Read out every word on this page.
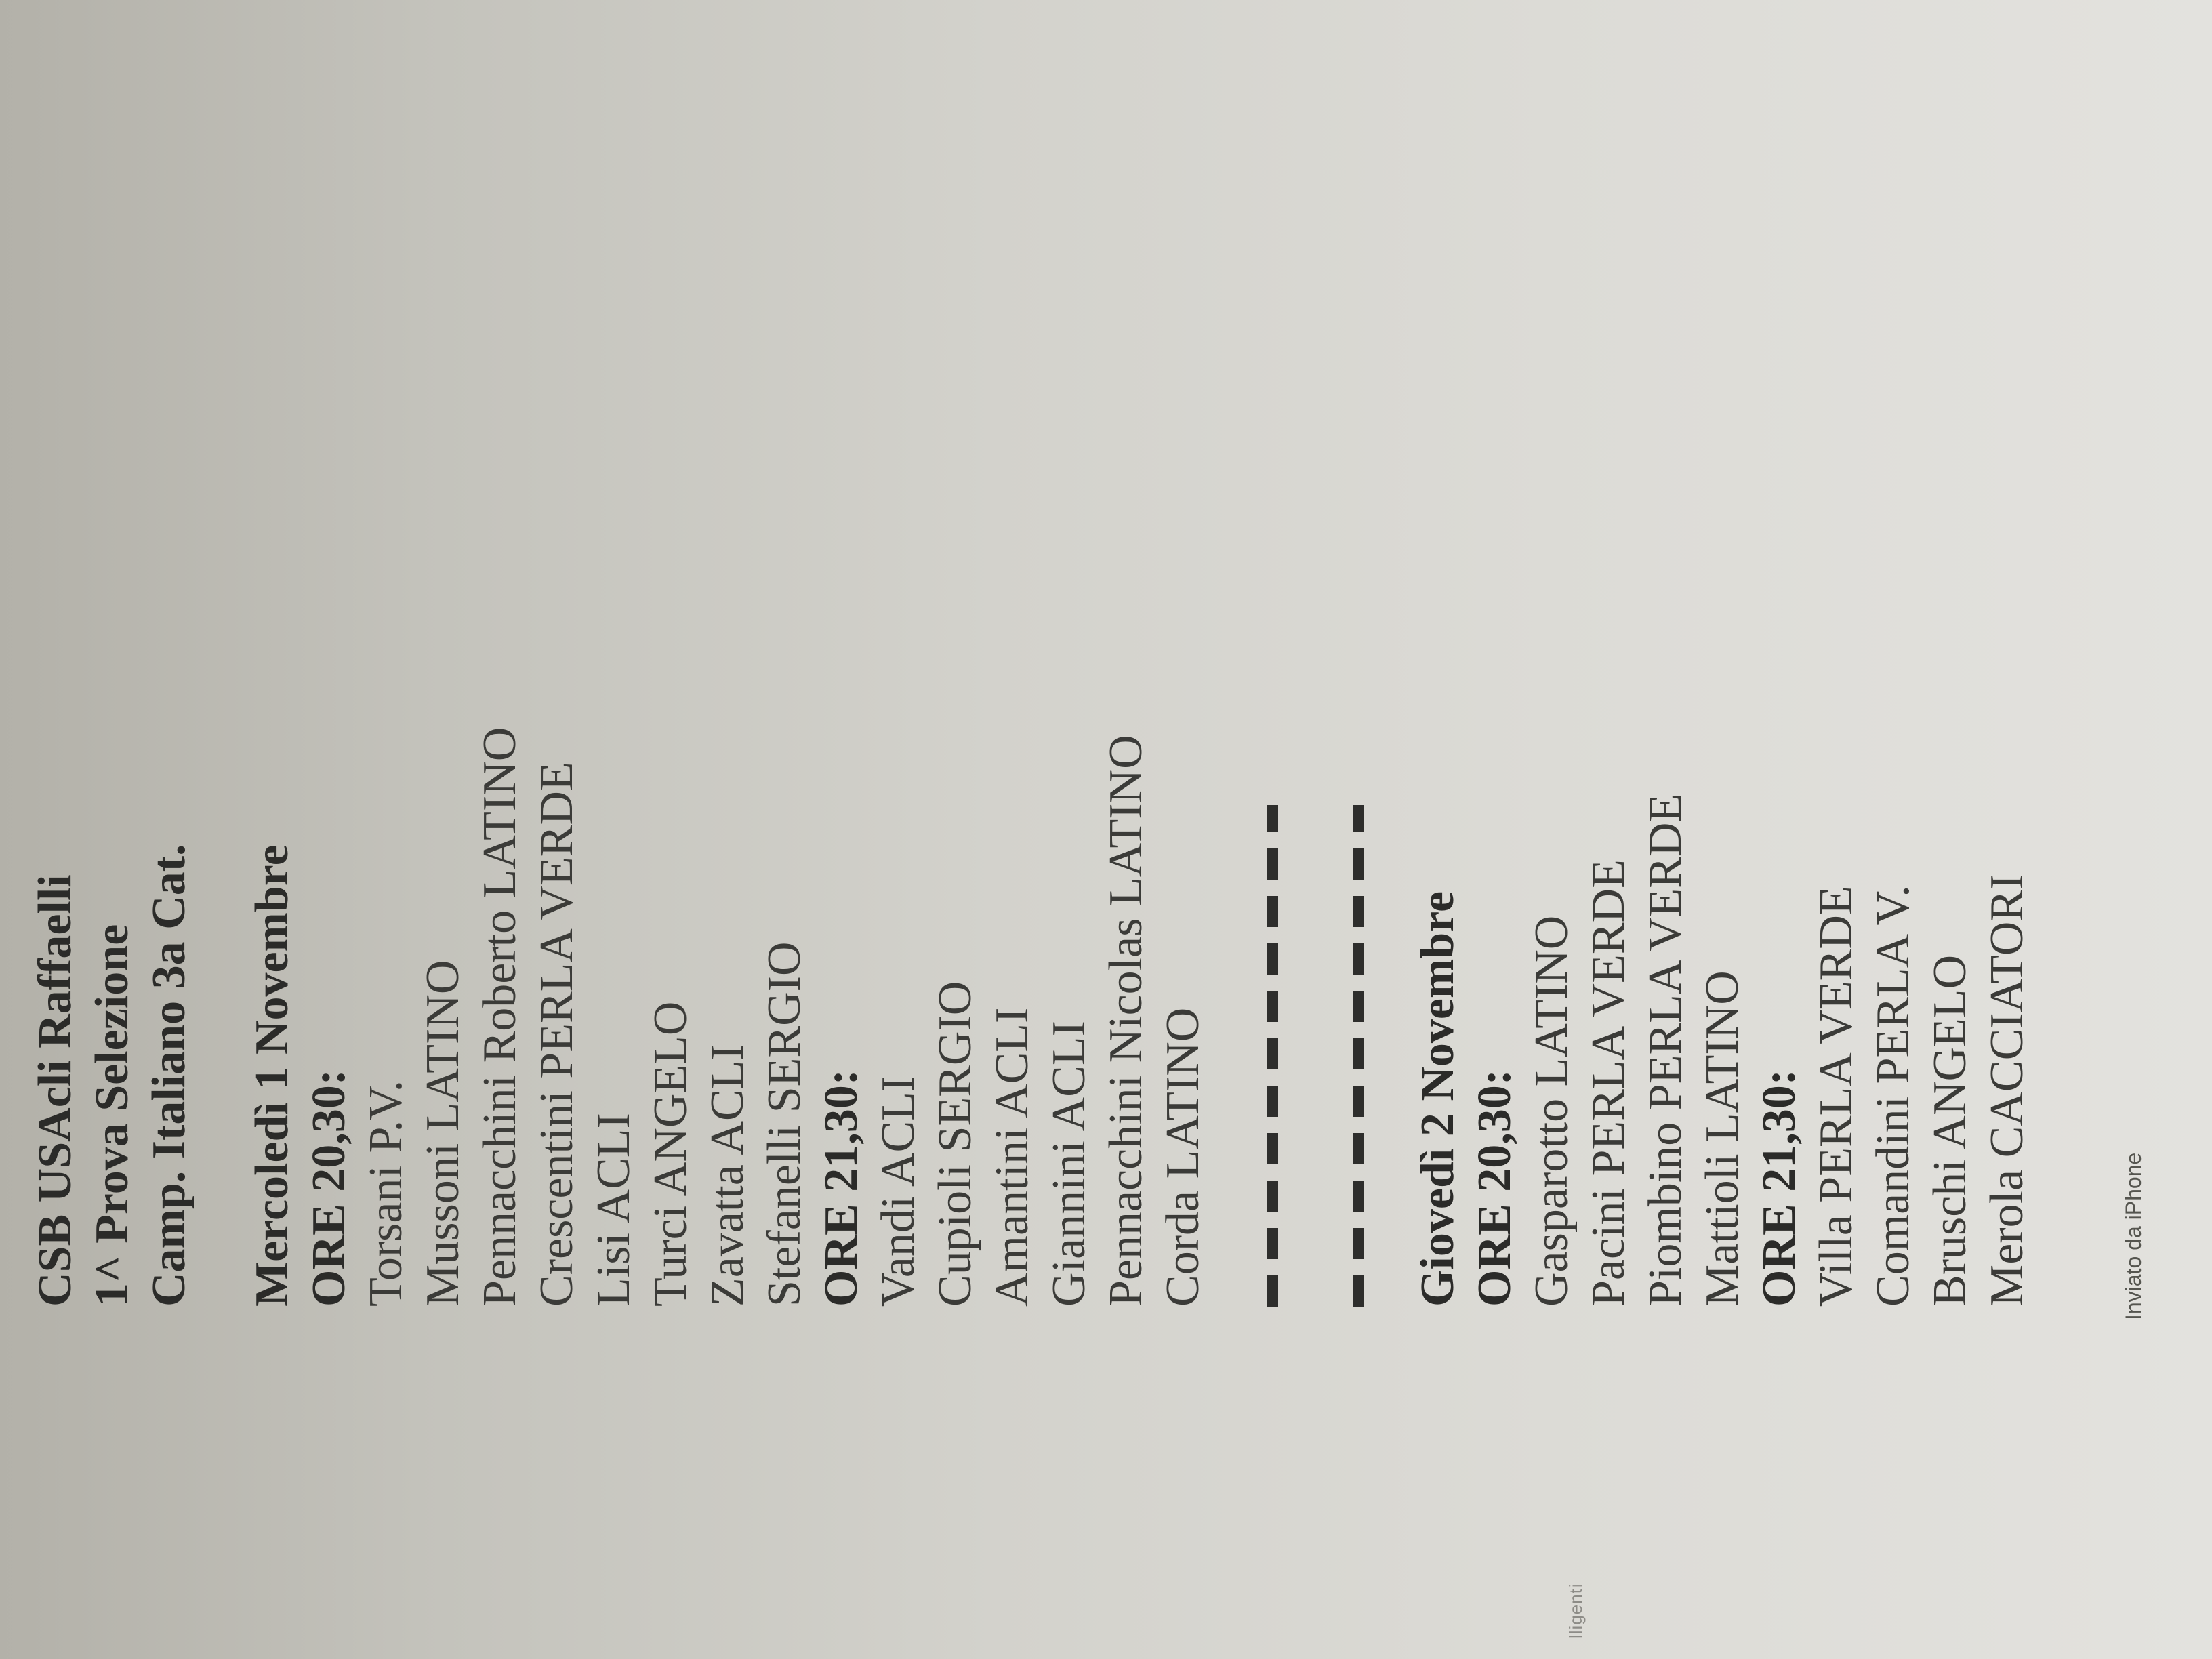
lligenti
CSB USAcli Raffaelli 1^ Prova Selezione Camp. Italiano 3a Cat. Mercoledì 1 Novembre ORE 20,30: Torsani P.V. Mussoni LATINO Pennacchini Roberto LATINO Crescentini PERLA VERDE Lisi ACLI Turci ANGELO Zavatta ACLI Stefanelli SERGIO ORE 21,30: Vandi ACLI Cupioli SERGIO Amantini ACLI Giannini ACLI Pennacchini Nicolas LATINO Corda LATINO	Giovedì 2 Novembre ORE 20,30: Gasparotto LATINO Pacini PERLA VERDE Piombino PERLA VERDE Mattioli LATINO ORE 21,30: Villa PERLA VERDE Comandini PERLA V. Bruschi ANGELO Merola CACCIATORI	Inviato da iPhone
